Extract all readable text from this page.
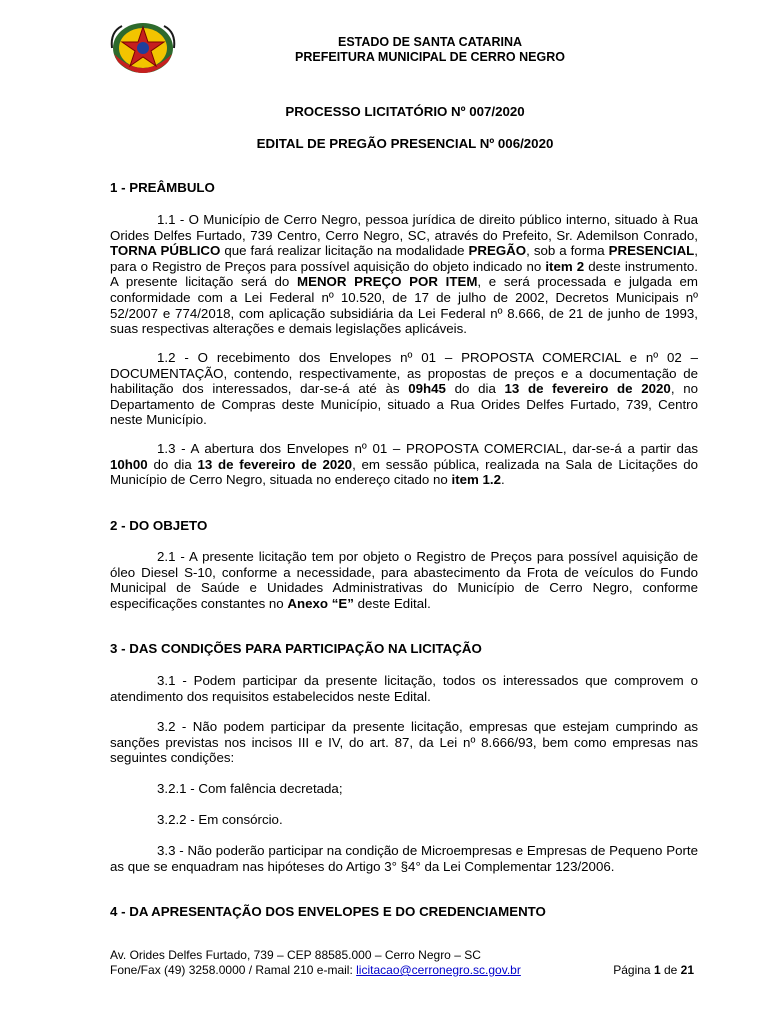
ESTADO DE SANTA CATARINA
PREFEITURA MUNICIPAL DE CERRO NEGRO
PROCESSO LICITATÓRIO Nº 007/2020
EDITAL DE PREGÃO PRESENCIAL Nº 006/2020
1 - PREÂMBULO

1.1 - O Município de Cerro Negro, pessoa jurídica de direito público interno, situado à Rua Orides Delfes Furtado, 739 Centro, Cerro Negro, SC, através do Prefeito, Sr. Ademilson Conrado, TORNA PÚBLICO que fará realizar licitação na modalidade PREGÃO, sob a forma PRESENCIAL, para o Registro de Preços para possível aquisição do objeto indicado no item 2 deste instrumento. A presente licitação será do MENOR PREÇO POR ITEM, e será processada e julgada em conformidade com a Lei Federal nº 10.520, de 17 de julho de 2002, Decretos Municipais nº 52/2007 e 774/2018, com aplicação subsidiária da Lei Federal nº 8.666, de 21 de junho de 1993, suas respectivas alterações e demais legislações aplicáveis.

1.2 - O recebimento dos Envelopes nº 01 – PROPOSTA COMERCIAL e nº 02 – DOCUMENTAÇÃO, contendo, respectivamente, as propostas de preços e a documentação de habilitação dos interessados, dar-se-á até às 09h45 do dia 13 de fevereiro de 2020, no Departamento de Compras deste Município, situado a Rua Orides Delfes Furtado, 739, Centro neste Município.

1.3 - A abertura dos Envelopes nº 01 – PROPOSTA COMERCIAL, dar-se-á a partir das 10h00 do dia 13 de fevereiro de 2020, em sessão pública, realizada na Sala de Licitações do Município de Cerro Negro, situada no endereço citado no item 1.2.

2 - DO OBJETO

2.1 - A presente licitação tem por objeto o Registro de Preços para possível aquisição de óleo Diesel S-10, conforme a necessidade, para abastecimento da Frota de veículos do Fundo Municipal de Saúde e Unidades Administrativas do Município de Cerro Negro, conforme especificações constantes no Anexo “E” deste Edital.

3 - DAS CONDIÇÕES PARA PARTICIPAÇÃO NA LICITAÇÃO

3.1 - Podem participar da presente licitação, todos os interessados que comprovem o atendimento dos requisitos estabelecidos neste Edital.

3.2 - Não podem participar da presente licitação, empresas que estejam cumprindo as sanções previstas nos incisos III e IV, do art. 87, da Lei nº 8.666/93, bem como empresas nas seguintes condições:

3.2.1 - Com falência decretada;
3.2.2 - Em consórcio.

3.3 - Não poderão participar na condição de Microempresas e Empresas de Pequeno Porte as que se enquadram nas hipóteses do Artigo 3° §4° da Lei Complementar 123/2006.

4 - DA APRESENTAÇÃO DOS ENVELOPES E DO CREDENCIAMENTO
Av. Orides Delfes Furtado, 739 – CEP 88585.000 – Cerro Negro – SC
Fone/Fax (49) 3258.0000 / Ramal 210 e-mail: licitacao@cerronegro.sc.gov.br	Página 1 de 21
